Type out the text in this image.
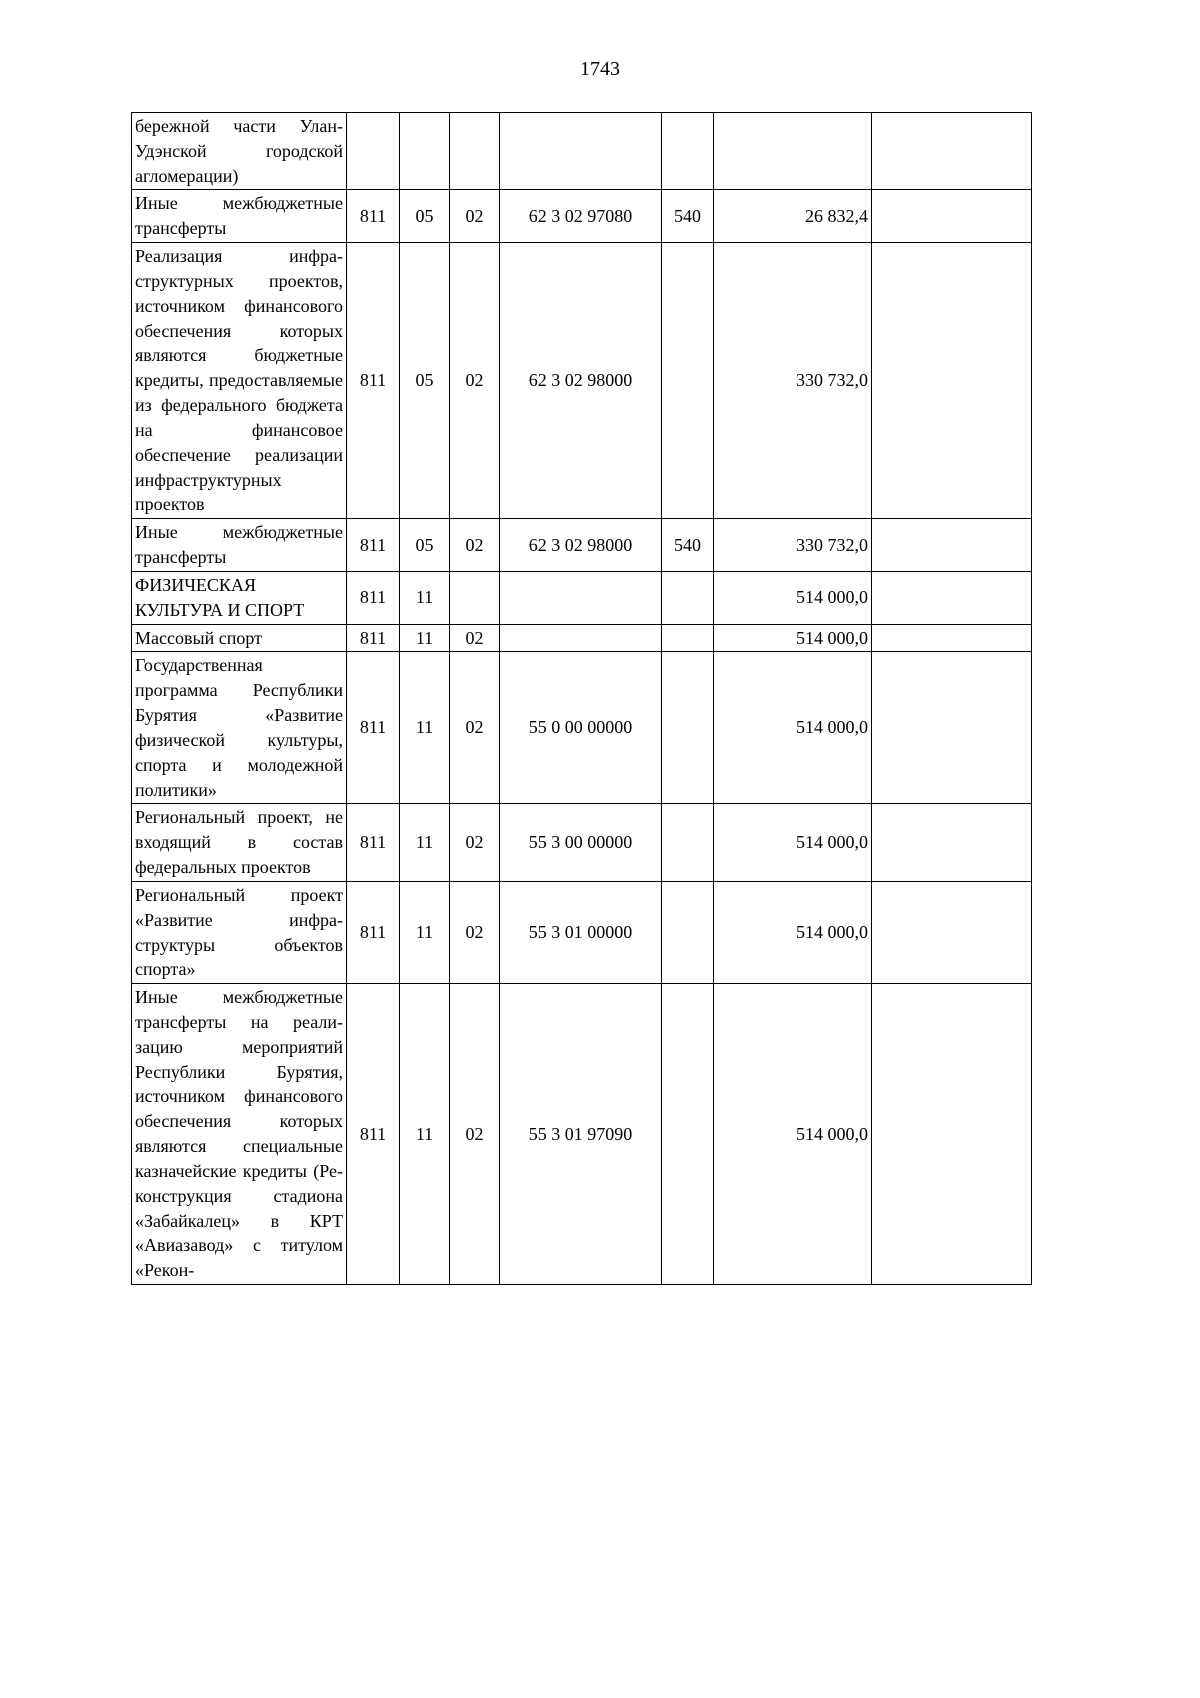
1743
бережной части Улан-Удэнской городской агломерации)							
Иные межбюджетные трансферты	811	05	02	62 3 02 97080	540	26 832,4	
Реализация инфраструктурных проектов, источником финансового обеспечения которых являются бюджетные кредиты, предоставляемые из федерального бюджета на финансовое обеспечение реализации инфраструктурных проектов	811	05	02	62 3 02 98000		330 732,0	
Иные межбюджетные трансферты	811	05	02	62 3 02 98000	540	330 732,0	
ФИЗИЧЕСКАЯ КУЛЬТУРА И СПОРТ	811	11				514 000,0	
Массовый спорт	811	11	02			514 000,0	
Государственная программа Республики Бурятия «Развитие физической культуры, спорта и молодежной политики»	811	11	02	55 0 00 00000		514 000,0	
Региональный проект, не входящий в состав федеральных проектов	811	11	02	55 3 00 00000		514 000,0	
Региональный проект «Развитие инфраструктуры объектов спорта»	811	11	02	55 3 01 00000		514 000,0	
Иные межбюджетные трансферты на реализацию мероприятий Республики Бурятия, источником финансового обеспечения которых являются специальные казначейские кредиты (Реконструкция стадиона «Забайкалец» в КРТ «Авиазавод» с титулом «Рекон-	811	11	02	55 3 01 97090		514 000,0	
